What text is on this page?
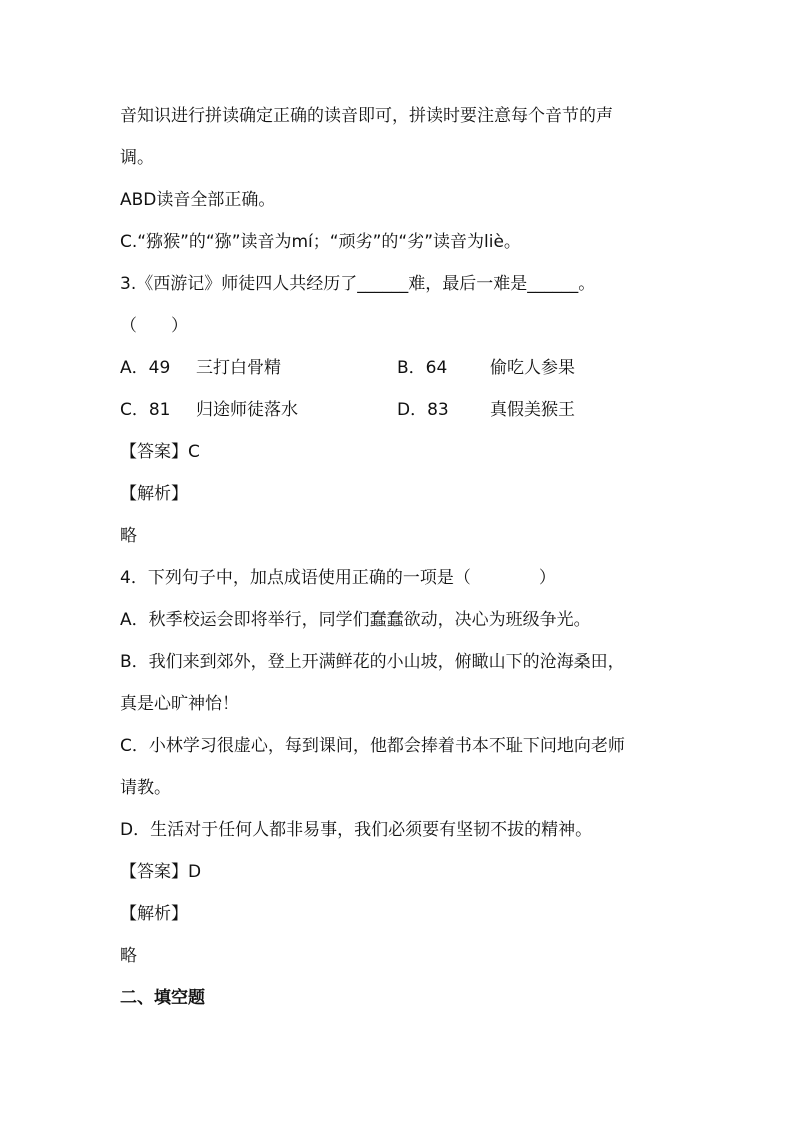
音知识进行拼读确定正确的读音即可，拼读时要注意每个音节的声
调。
ABD读音全部正确。
C.“猕猴”的“猕”读音为mí；“顽劣”的“劣”读音为liè。
3.《西游记》师徒四人共经历了______难，最后一难是______。
（　　）
A．49 三打白骨精	B．64	偷吃人参果
C．81 归途师徒落水	D．83 真假美猴王
【答案】C
【解析】
略
4．下列句子中，加点成语使用正确的一项是（　　　　）
A．秋季校运会即将举行，同学们蠢蠢欲动，决心为班级争光。
B．我们来到郊外，登上开满鲜花的小山坡，俯瞰山下的沧海桑田，
真是心旷神怡！
C．小林学习很虚心，每到课间，他都会捧着书本不耻下问地向老师
请教。
D．生活对于任何人都非易事，我们必须要有坚韧不拔的精神。
【答案】D
【解析】
略
二、填空题
